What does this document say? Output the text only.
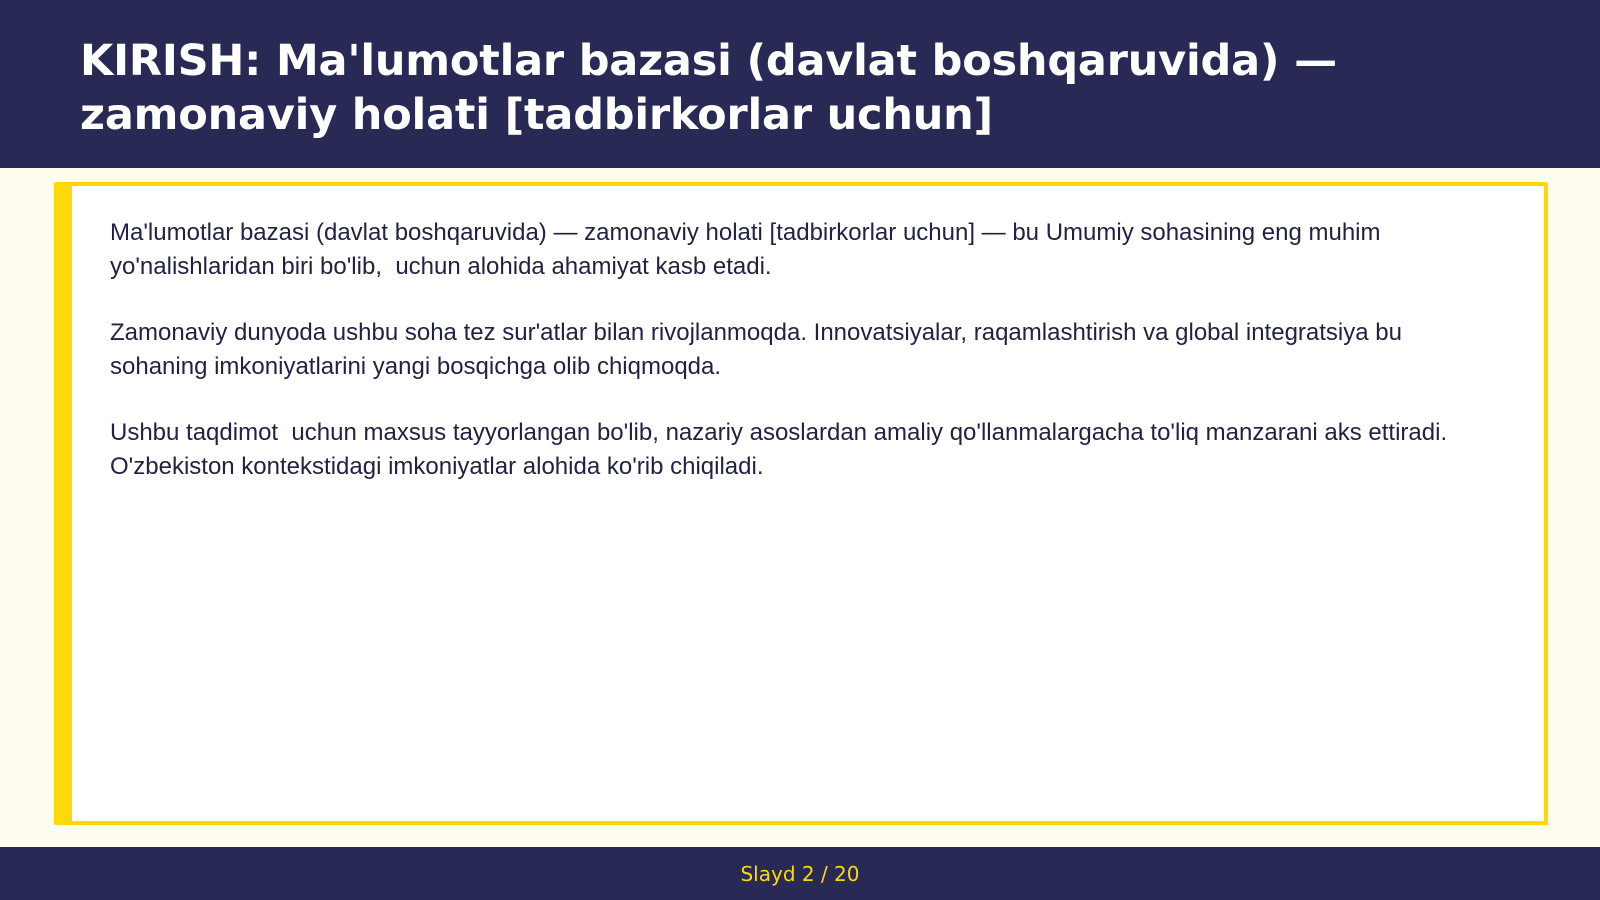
KIRISH: Ma'lumotlar bazasi (davlat boshqaruvida) — zamonaviy holati [tadbirkorlar uchun]

Ma'lumotlar bazasi (davlat boshqaruvida) — zamonaviy holati [tadbirkorlar uchun] — bu Umumiy sohasining eng muhim yo'nalishlaridan biri bo'lib,  uchun alohida ahamiyat kasb etadi.

Zamonaviy dunyoda ushbu soha tez sur'atlar bilan rivojlanmoqda. Innovatsiyalar, raqamlashtirish va global integratsiya bu sohaning imkoniyatlarini yangi bosqichga olib chiqmoqda.

Ushbu taqdimot  uchun maxsus tayyorlangan bo'lib, nazariy asoslardan amaliy qo'llanmalargacha to'liq manzarani aks ettiradi. O'zbekiston kontekstidagi imkoniyatlar alohida ko'rib chiqiladi.

Slayd 2 / 20
